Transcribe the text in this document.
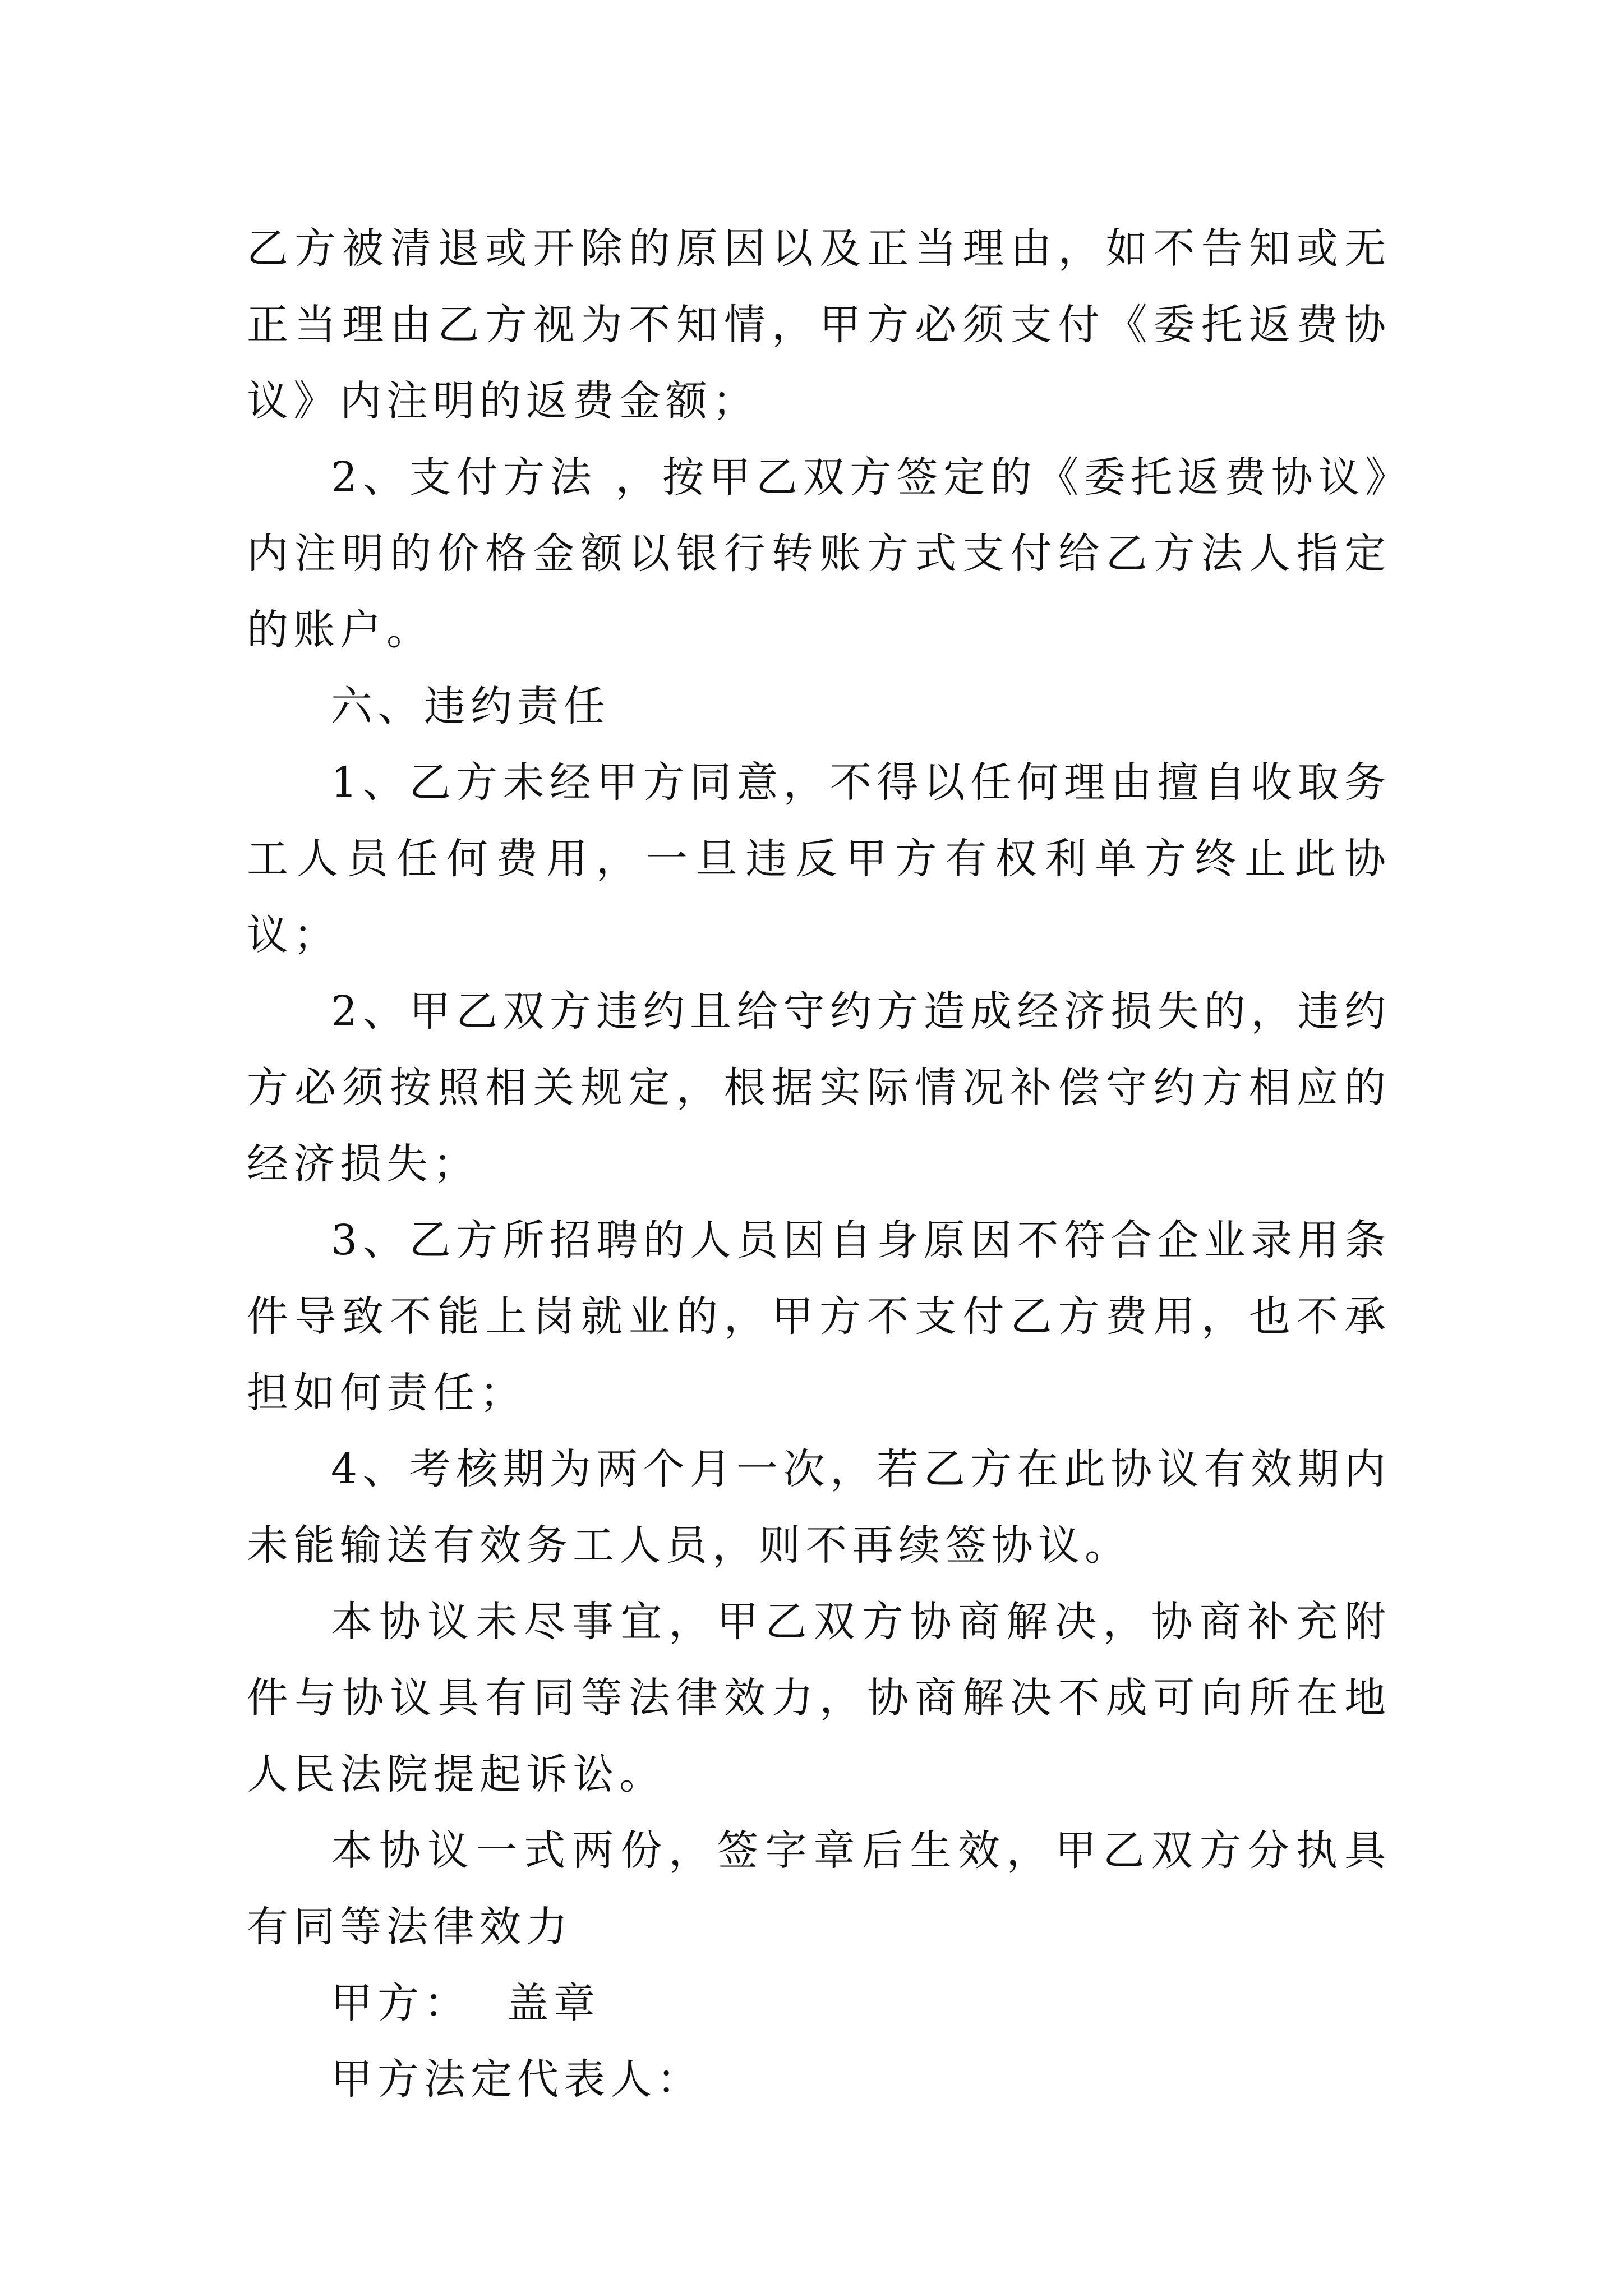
乙方被清退或开除的原因以及正当理由，如不告知或无正当理由乙方视为不知情，甲方必须支付《委托返费协议》内注明的返费金额；

2、支付方法 ，按甲乙双方签定的《委托返费协议》内注明的价格金额以银行转账方式支付给乙方法人指定的账户。

六、违约责任

1、乙方未经甲方同意，不得以任何理由擅自收取务工人员任何费用，一旦违反甲方有权利单方终止此协议；

2、甲乙双方违约且给守约方造成经济损失的，违约方必须按照相关规定，根据实际情况补偿守约方相应的经济损失；

3、乙方所招聘的人员因自身原因不符合企业录用条件导致不能上岗就业的，甲方不支付乙方费用，也不承担如何责任；

4、考核期为两个月一次，若乙方在此协议有效期内未能输送有效务工人员，则不再续签协议。

本协议未尽事宜，甲乙双方协商解决，协商补充附件与协议具有同等法律效力，协商解决不成可向所在地人民法院提起诉讼。

本协议一式两份，签字章后生效，甲乙双方分执具有同等法律效力

甲方：  盖章

甲方法定代表人：
